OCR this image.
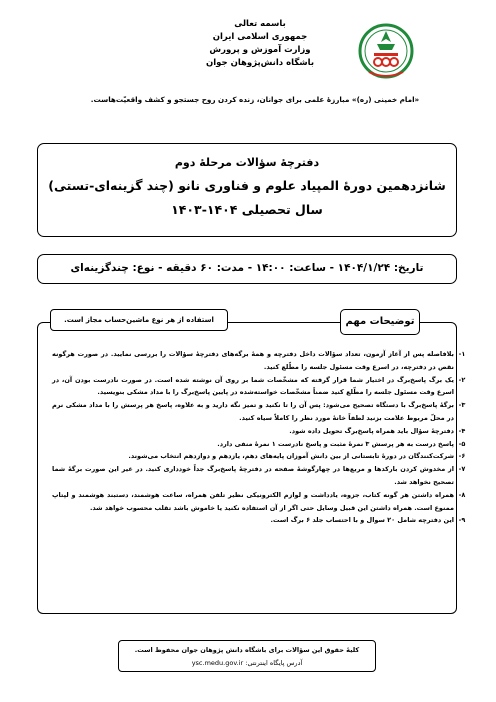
باسمه تعالی
جمهوری اسلامی ایران
وزارت آموزش و پرورش
باشگاه دانش‌پژوهان جوان
«امام خمینی (ره)» مبارزهٔ علمی برای جوانان، زنده کردن روح جستجو و کشف واقعیّت‌هاست.
دفترچهٔ سؤالات مرحلهٔ دوم
شانزدهمین دورهٔ المپیاد علوم و فناوری نانو (چند گزینه‌ای-تستی)
سال تحصیلی ۱۴۰۴-۱۴۰۳
تاریخ: ۱۴۰۴/۱/۲۴ - ساعت: ۱۴:۰۰ - مدت: ۶۰ دقیقه - نوع: چندگزینه‌ای
توضیحات مهم
استفاده از هر نوع ماشین‌حساب مجاز است.
۱-
بلافاصله پس از آغاز آزمون، تعداد سؤالات داخل دفترچه و همهٔ برگه‌های دفترچهٔ سؤالات را بررسی نمایید. در صورت هرگونه نقص در دفترچه، در اسرع وقت مسئول جلسه را مطّلع کنید.
۲-
یک برگ پاسخ‌برگ در اختیار شما قرار گرفته که مشخّصات شما بر روی آن نوشته شده است. در صورت نادرست بودن آن، در اسرع وقت مسئول جلسه را مطّلع کنید ضمناً مشخّصات خواسته‌شده در پایین پاسخ‌برگ را با مداد مشکی بنویسید.
۳-
برگهٔ پاسخ‌برگ با دستگاه تصحیح می‌شود: پس آن را تا نکنید و تمیز نگه دارید و به علاوه، پاسخ هر پرسش را با مداد مشکی نرم در محلّ مربوط علامت بزنید لطفاً خانهٔ مورد نظر را کاملاً سیاه کنید.
۴-
دفترچهٔ سؤال باید همراه پاسخ‌برگ تحویل داده شود.
۵-
پاسخ درست به هر پرسش ۳ نمرهٔ مثبت و پاسخ نادرست ۱ نمرهٔ منفی دارد.
۶-
شرکت‌کنندگان در دورهٔ تابستانی از بین دانش آموزان پایه‌های دهم، یازدهم و دوازدهم انتخاب می‌شوند.
۷-
از مخدوش کردن بارکدها و مربع‌ها در چهارگوشهٔ صفحه در دفترچهٔ پاسخ‌برگ جداً خودداری کنید. در غیر این صورت برگهٔ شما تصحیح نخواهد شد.
۸-
همراه داشتن هر گونه کتاب، جزوه، یادداشت و لوازم الکترونیکی نظیر تلفن همراه، ساعت هوشمند، دستبند هوشمند و لپتاپ ممنوع است. همراه داشتن این قبیل وسایل حتی اگر از آن استفاده نکنید یا خاموش باشد تقلب محسوب خواهد شد.
۹-
این دفترچه شامل ۲۰ سوال و با احتساب جلد ۶ برگ است.
کلیهٔ حقوق این سؤالات برای باشگاه دانش پژوهان جوان محفوظ است.
آدرس پایگاه اینترنتی: ysc.medu.gov.ir
